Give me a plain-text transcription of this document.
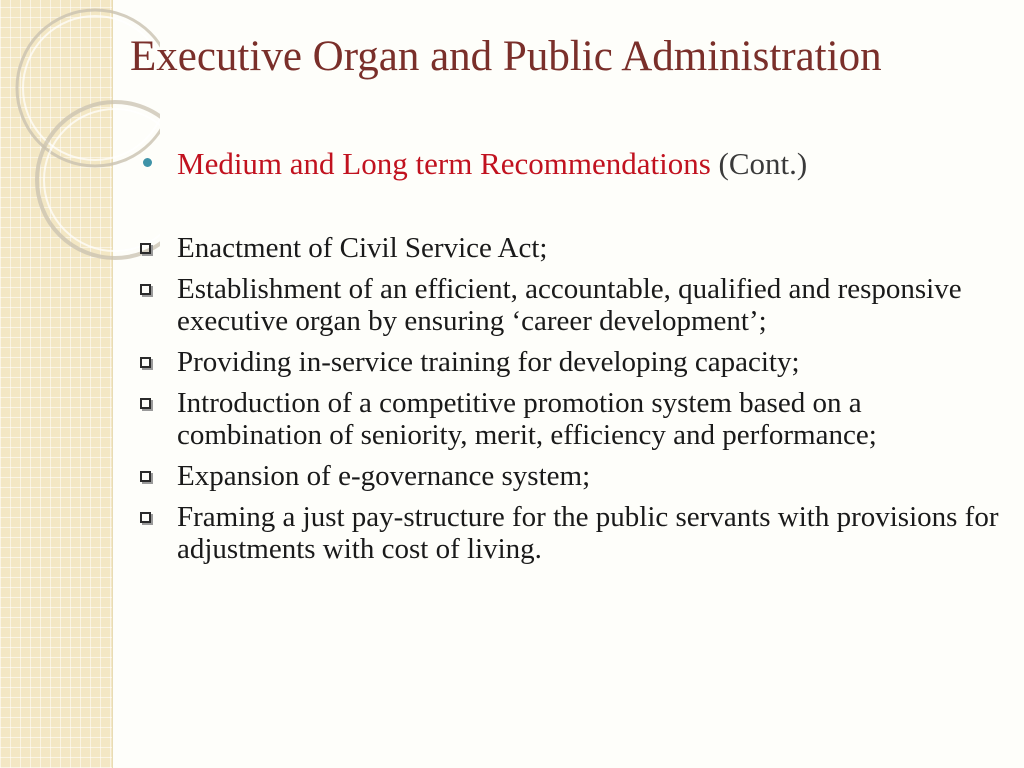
Executive Organ and Public Administration
Medium and Long term Recommendations (Cont.)
Enactment of Civil Service Act;
Establishment of an efficient, accountable, qualified and responsive executive organ by ensuring ‘career development’;
Providing in-service training for developing capacity;
Introduction of a competitive promotion system based on a combination of seniority, merit, efficiency and performance;
Expansion of e-governance system;
Framing a just pay-structure for the public servants with provisions for adjustments with cost of living.
